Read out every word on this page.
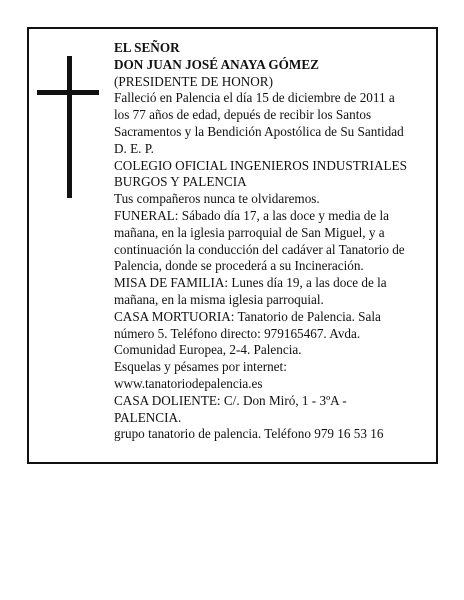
EL SEÑOR
DON JUAN JOSÉ ANAYA GÓMEZ
(PRESIDENTE DE HONOR)
Falleció en Palencia el día 15 de diciembre de 2011 a
los 77 años de edad, depués de recibir los Santos
Sacramentos y la Bendición Apostólica de Su Santidad
D. E. P.
COLEGIO OFICIAL INGENIEROS INDUSTRIALES
BURGOS Y PALENCIA
Tus compañeros nunca te olvidaremos.
FUNERAL: Sábado día 17, a las doce y media de la
mañana, en la iglesia parroquial de San Miguel, y a
continuación la conducción del cadáver al Tanatorio de
Palencia, donde se procederá a su Incineración.
MISA DE FAMILIA: Lunes día 19, a las doce de la
mañana, en la misma iglesia parroquial.
CASA MORTUORIA: Tanatorio de Palencia. Sala
número 5. Teléfono directo: 979165467. Avda.
Comunidad Europea, 2-4. Palencia.
Esquelas y pésames por internet:
www.tanatoriodepalencia.es
CASA DOLIENTE: C/. Don Miró, 1 - 3ºA -
PALENCIA.
grupo tanatorio de palencia. Teléfono 979 16 53 16
